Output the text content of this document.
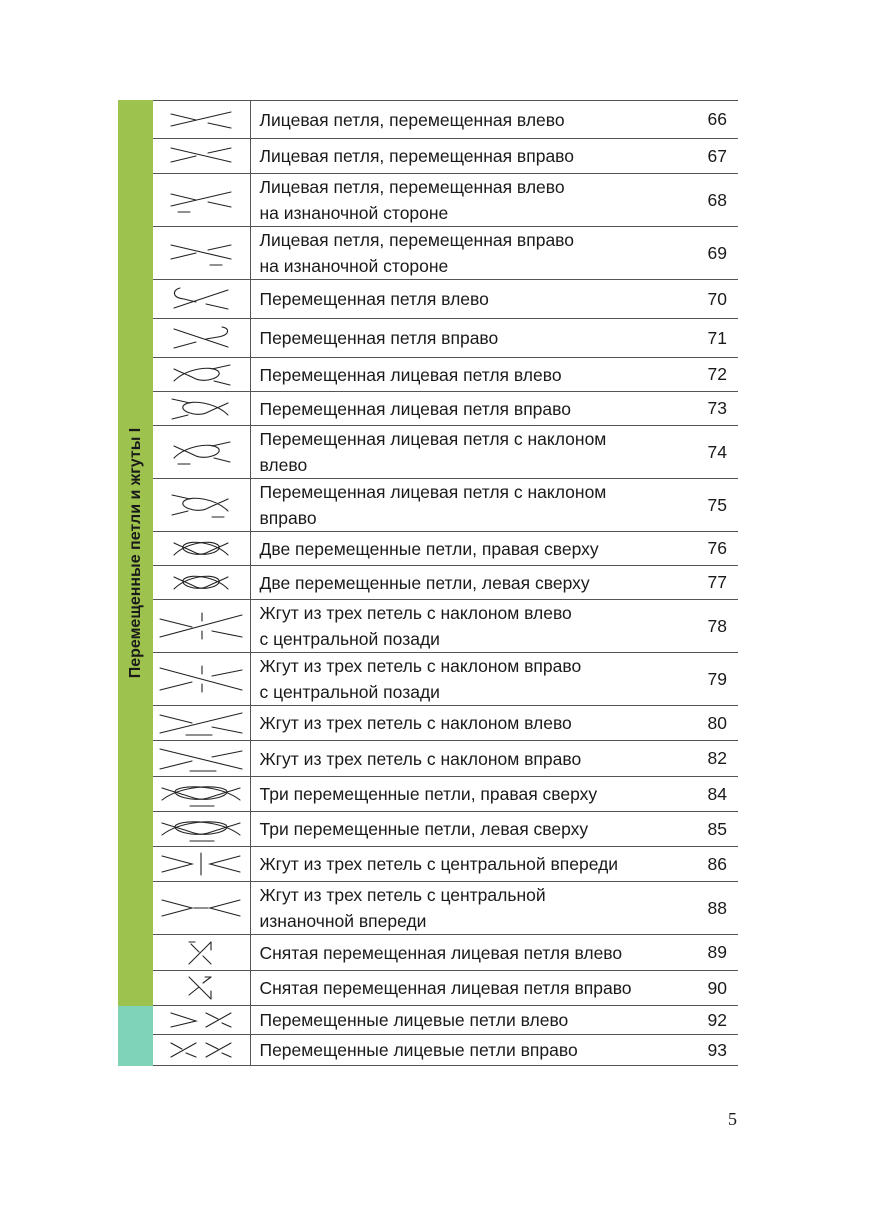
Перемещенные петли и жгуты I
	Лицевая петля, перемещенная влево	66

	Лицевая петля, перемещенная вправо	67

	Лицевая петля, перемещенная влево
на изнаночной стороне	68

	Лицевая петля, перемещенная вправо
на изнаночной стороне	69

	Перемещенная петля влево	70

	Перемещенная петля вправо	71

	Перемещенная лицевая петля влево	72

	Перемещенная лицевая петля вправо	73

	Перемещенная лицевая петля с наклоном
влево	74

	Перемещенная лицевая петля с наклоном
вправо	75

	Две перемещенные петли, правая сверху	76

	Две перемещенные петли, левая сверху	77

	Жгут из трех петель с наклоном влево
с центральной позади	78

	Жгут из трех петель с наклоном вправо
с центральной позади	79

	Жгут из трех петель с наклоном влево	80

	Жгут из трех петель с наклоном вправо	82

	Три перемещенные петли, правая сверху	84

	Три перемещенные петли, левая сверху	85

	Жгут из трех петель с центральной впереди	86

	Жгут из трех петель с центральной
изнаночной впереди	88

	Снятая перемещенная лицевая петля влево	89

	Снятая перемещенная лицевая петля вправо	90

	Перемещенные лицевые петли влево	92

	Перемещенные лицевые петли вправо	93
5
